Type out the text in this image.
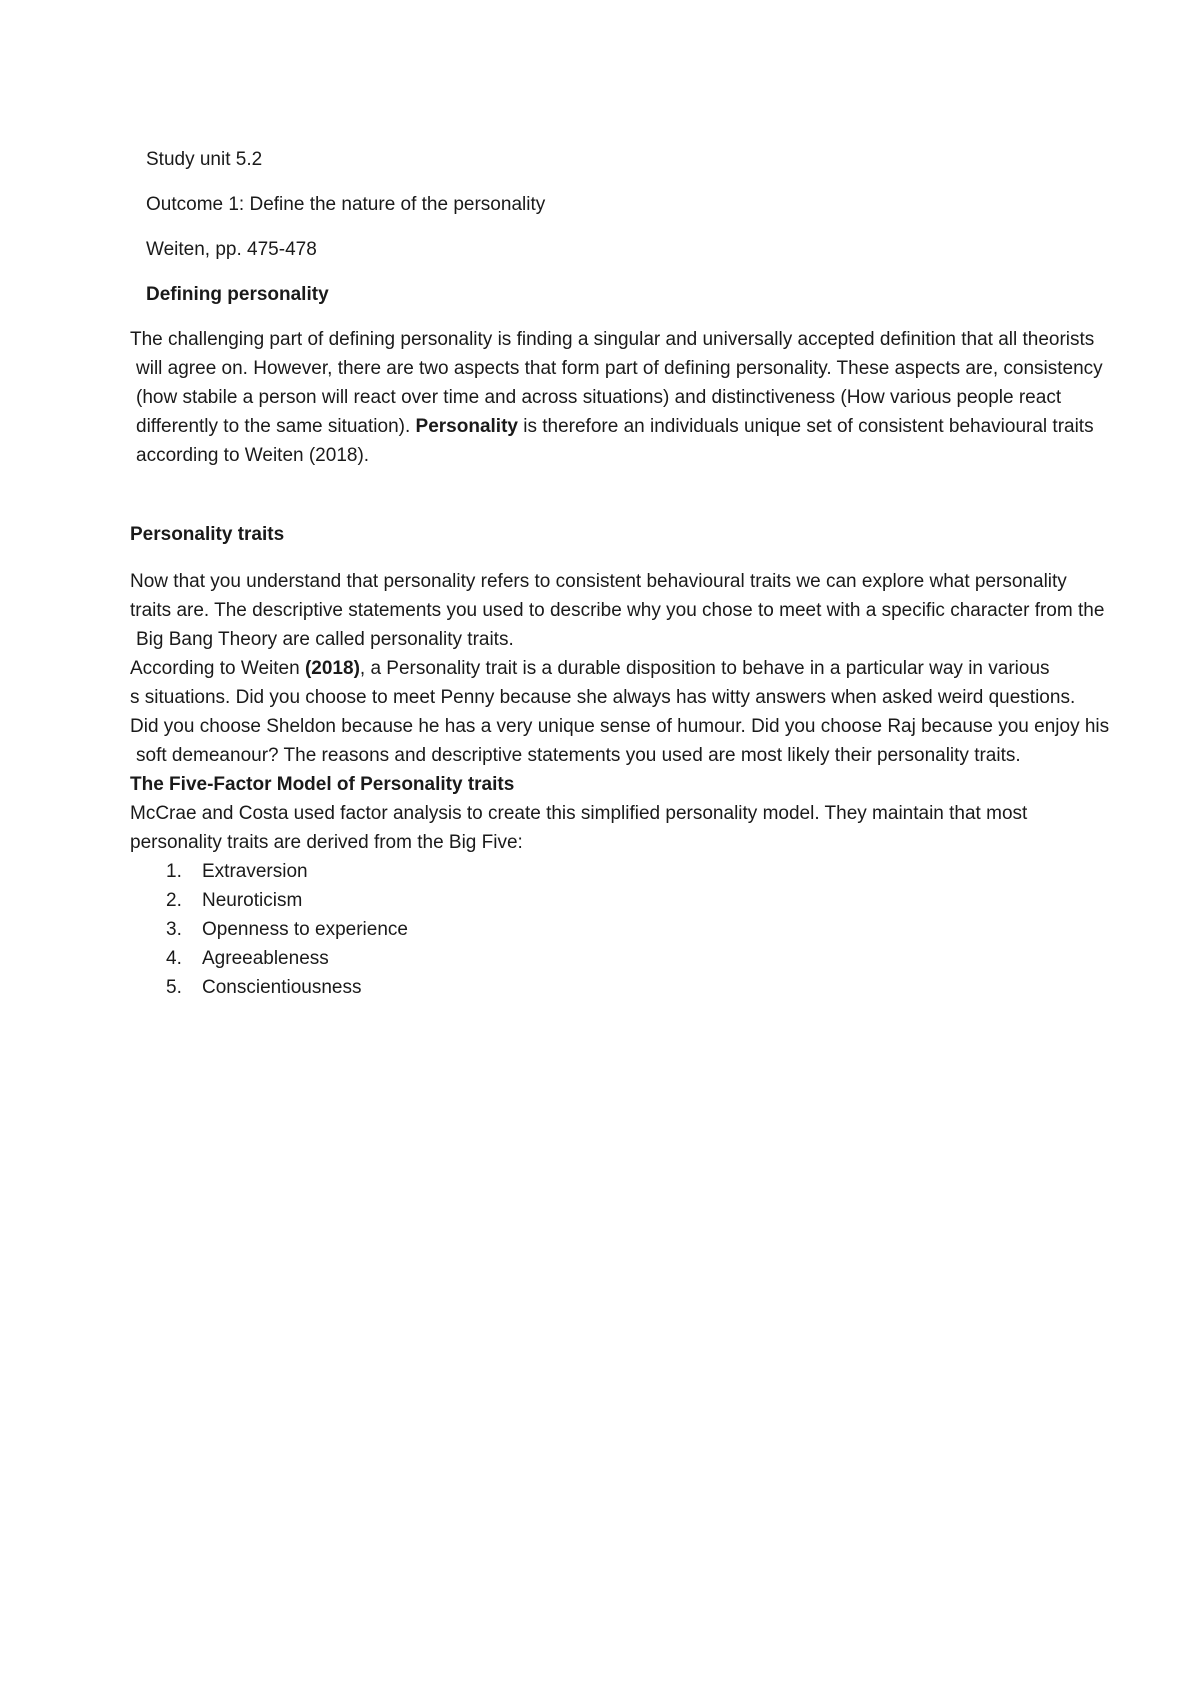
Study unit 5.2
Outcome 1: Define the nature of the personality
Weiten, pp. 475-478
Defining personality
The challenging part of defining personality is finding a singular and universally accepted definition that all theorists
will agree on. However, there are two aspects that form part of defining personality. These aspects are, consistency
(how stabile a person will react over time and across situations) and distinctiveness (How various people react
differently to the same situation). Personality is therefore an individuals unique set of consistent behavioural traits
according to Weiten (2018).
Personality traits
Now that you understand that personality refers to consistent behavioural traits we can explore what personality
traits are. The descriptive statements you used to describe why you chose to meet with a specific character from the
Big Bang Theory are called personality traits.
According to Weiten (2018), a Personality trait is a durable disposition to behave in a particular way in various
s situations. Did you choose to meet Penny because she always has witty answers when asked weird questions.
Did you choose Sheldon because he has a very unique sense of humour. Did you choose Raj because you enjoy his
soft demeanour? The reasons and descriptive statements you used are most likely their personality traits.
The Five-Factor Model of Personality traits
McCrae and Costa used factor analysis to create this simplified personality model. They maintain that most
personality traits are derived from the Big Five:
1. Extraversion
2. Neuroticism
3. Openness to experience
4. Agreeableness
5. Conscientiousness
